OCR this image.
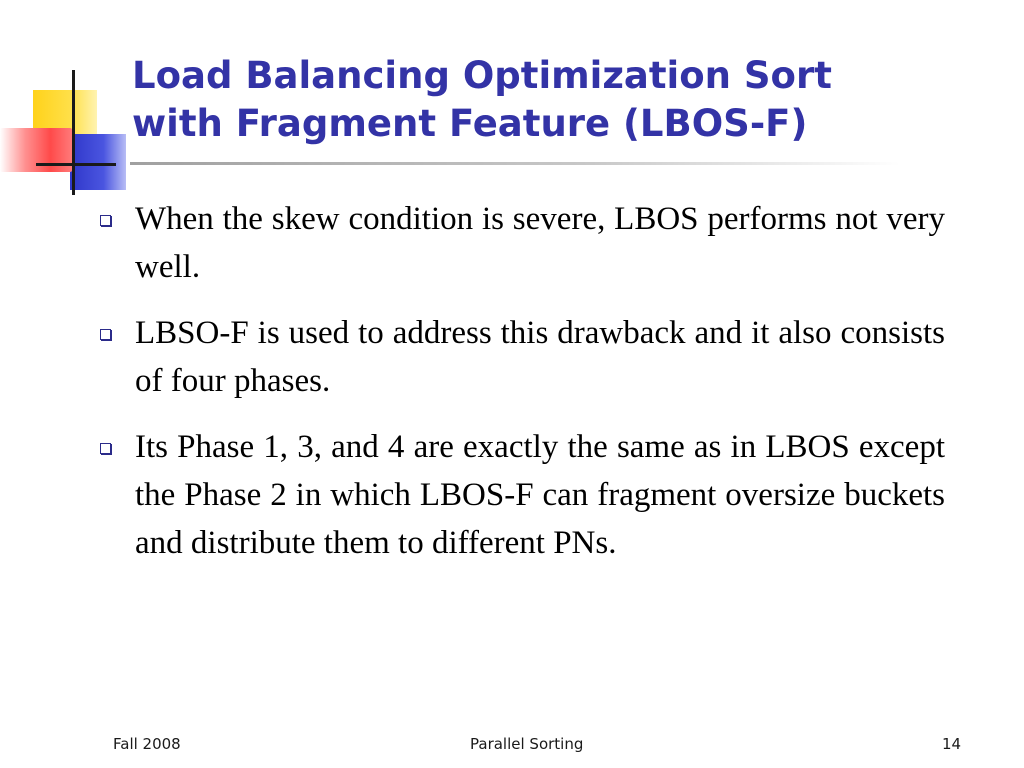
Load Balancing Optimization Sort
with Fragment Feature (LBOS-F)
When the skew condition is severe, LBOS performs not very well.
LBSO-F is used to address this drawback and it also consists of four phases.
Its Phase 1, 3, and 4 are exactly the same as in LBOS except the Phase 2 in which LBOS-F can fragment oversize buckets and distribute them to different PNs.
Fall 2008	Parallel Sorting	14
